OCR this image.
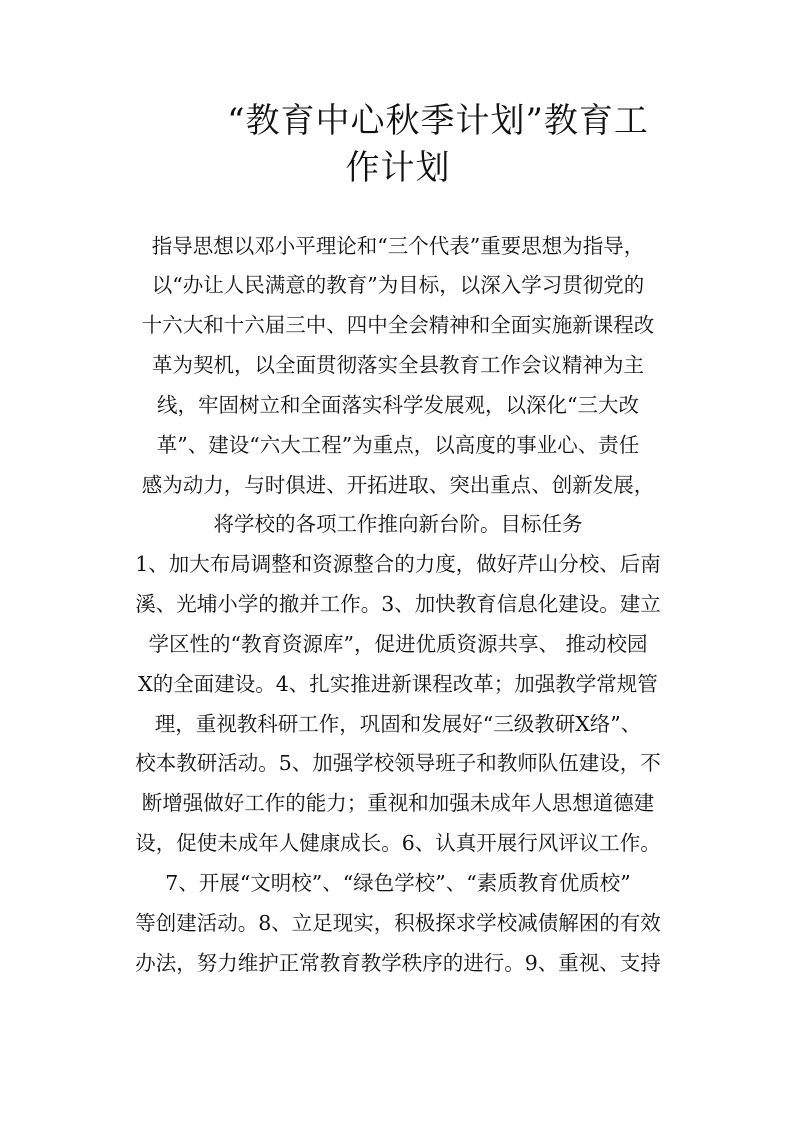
“教育中心秋季计划”教育工
作计划
指导思想以邓小平理论和“三个代表”重要思想为指导，
以“办让人民满意的教育”为目标，以深入学习贯彻党的
十六大和十六届三中、四中全会精神和全面实施新课程改
革为契机，以全面贯彻落实全县教育工作会议精神为主
线，牢固树立和全面落实科学发展观，以深化“三大改
革”、建设“六大工程”为重点，以高度的事业心、责任
感为动力，与时俱进、开拓进取、突出重点、创新发展，
将学校的各项工作推向新台阶。目标任务
1、加大布局调整和资源整合的力度，做好芹山分校、后南
溪、光埔小学的撤并工作。3、加快教育信息化建设。建立
学区性的“教育资源库”，促进优质资源共享、 推动校园
X的全面建设。4、扎实推进新课程改革；加强教学常规管
理，重视教科研工作，巩固和发展好“三级教研X络”、
校本教研活动。5、加强学校领导班子和教师队伍建设，不
断增强做好工作的能力；重视和加强未成年人思想道德建
设，促使未成年人健康成长。6、认真开展行风评议工作。
7、开展“文明校”、“绿色学校”、“素质教育优质校”
等创建活动。8、立足现实，积极探求学校减债解困的有效
办法，努力维护正常教育教学秩序的进行。9、重视、支持
